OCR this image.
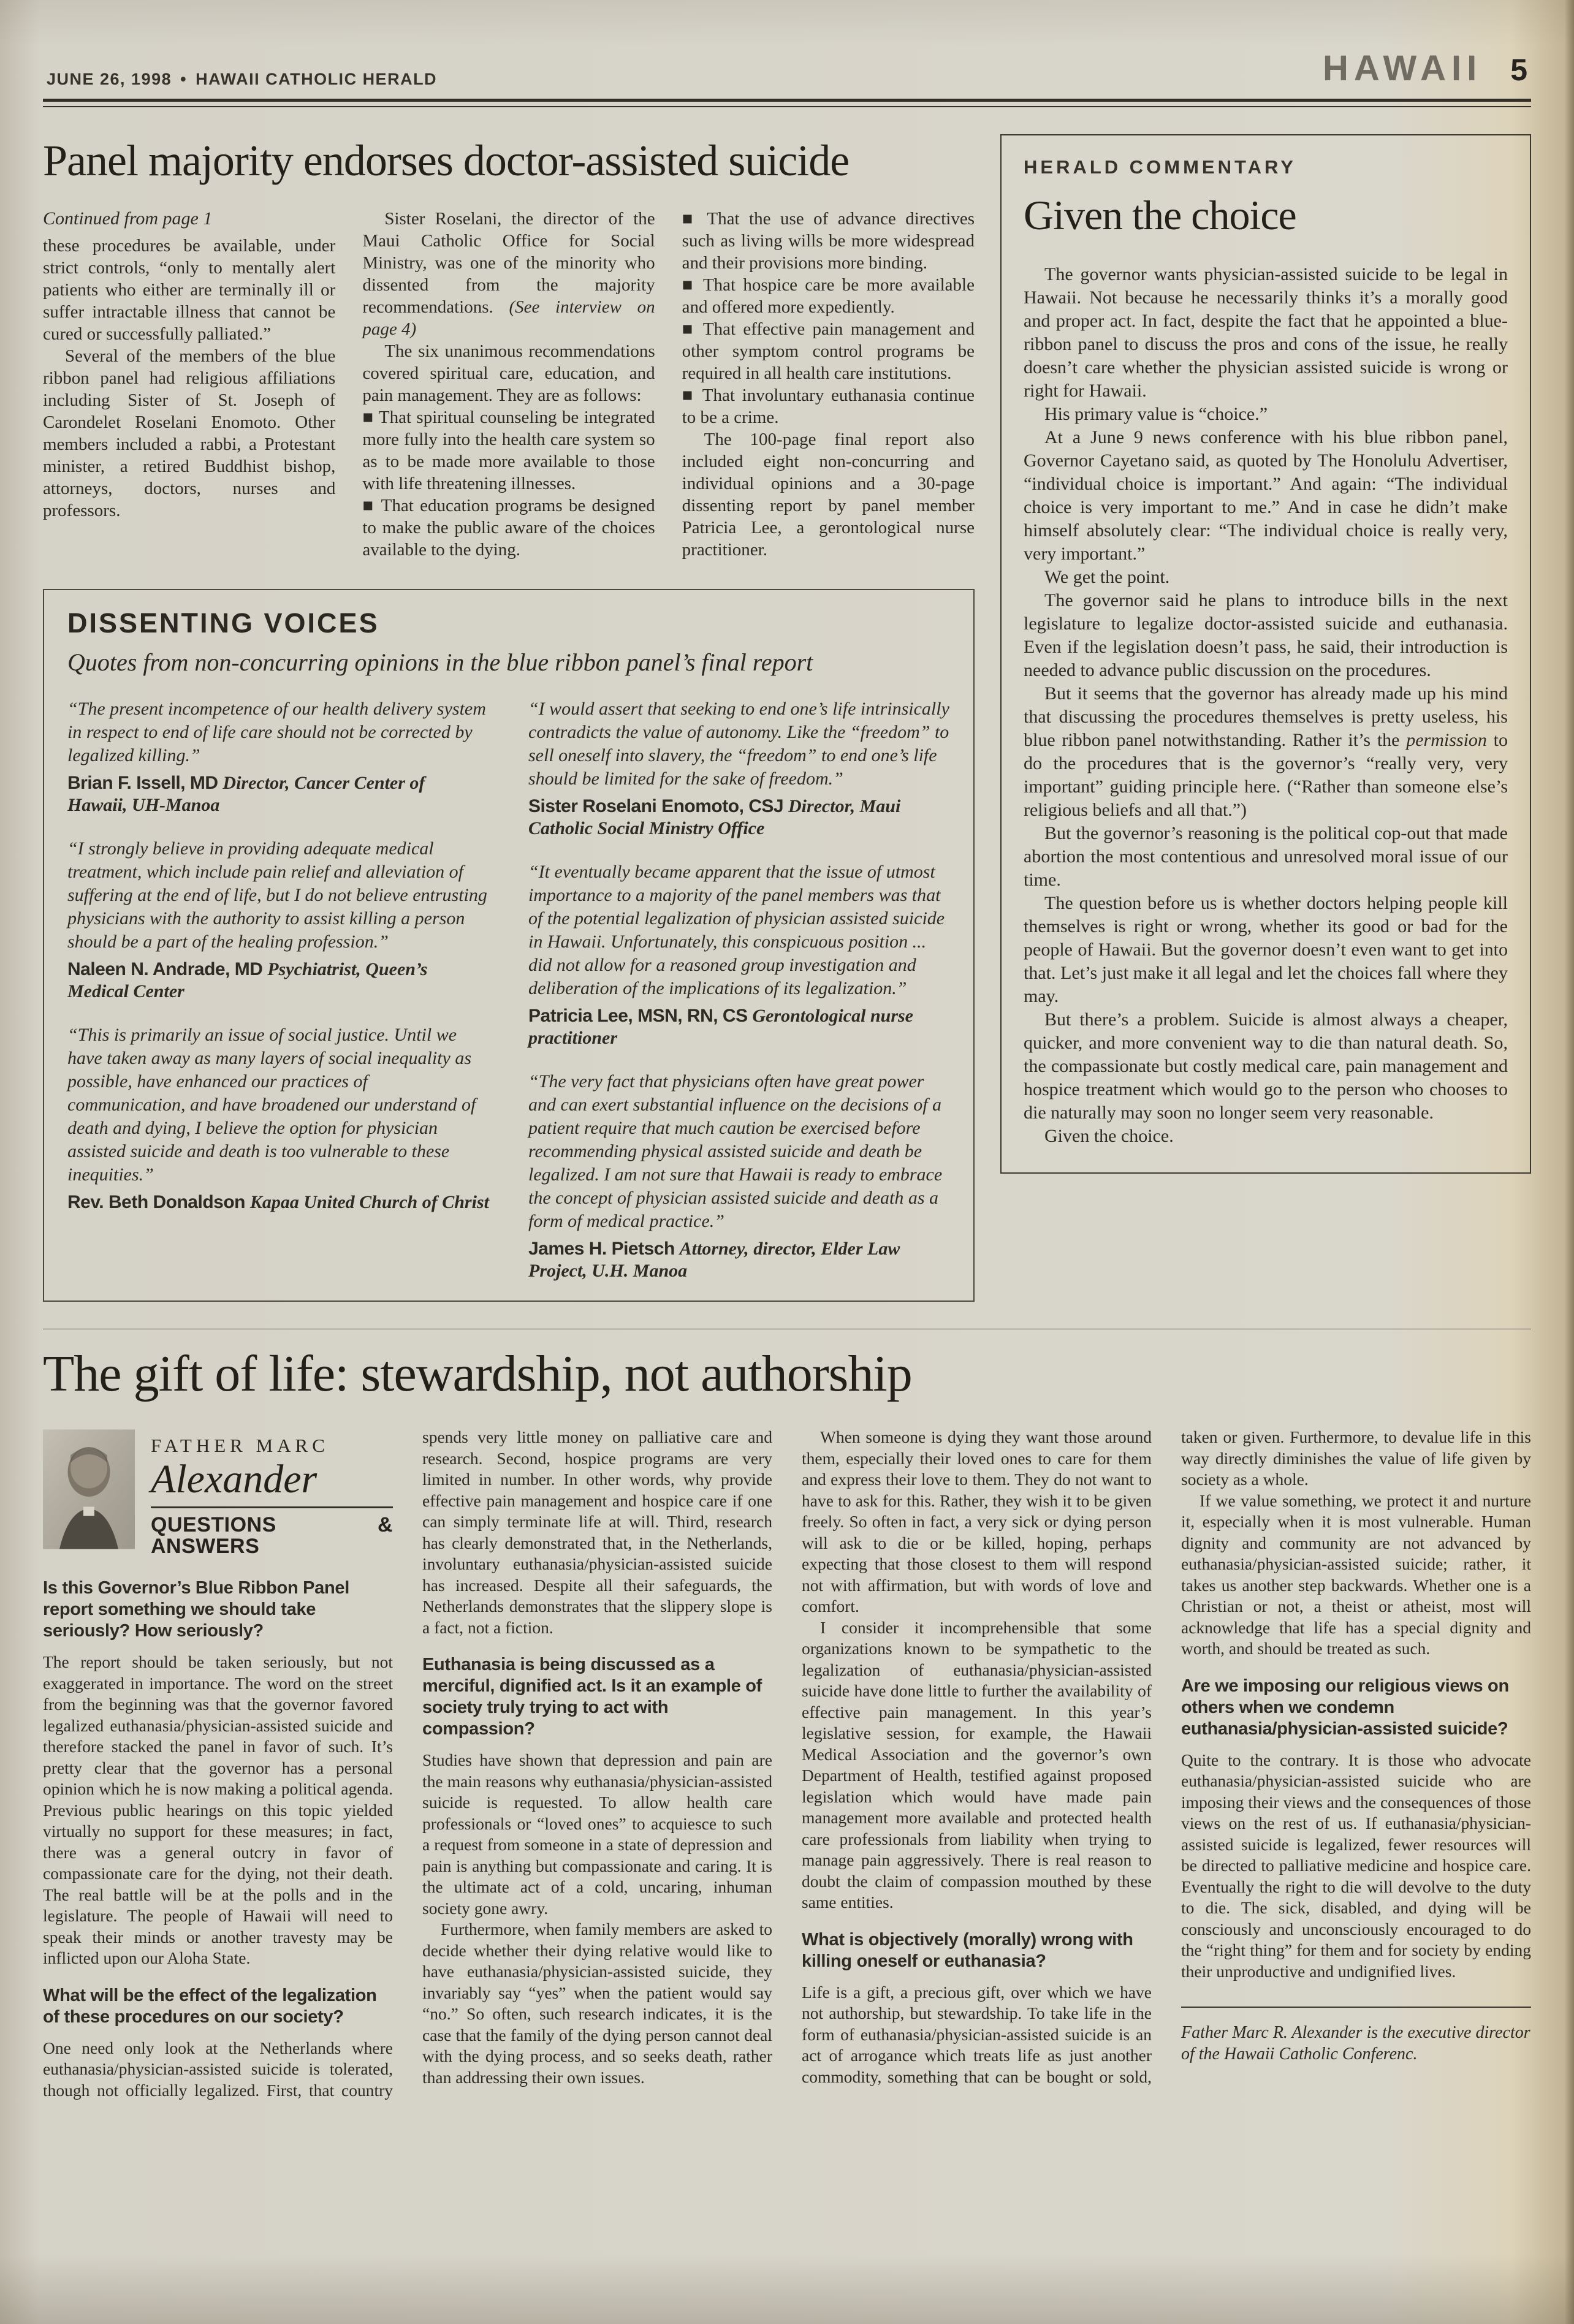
JUNE 26, 1998 • HAWAII CATHOLIC HERALD	HAWAII 5
Panel majority endorses doctor-assisted suicide

Continued from page 1

these procedures be available, under strict controls, “only to mentally alert patients who either are terminally ill or suffer intractable illness that cannot be cured or successfully palliated.”

Several of the members of the blue ribbon panel had religious affiliations including Sister of St. Joseph of Carondelet Roselani Enomoto. Other members included a rabbi, a Protestant minister, a retired Buddhist bishop, attorneys, doctors, nurses and professors.

Sister Roselani, the director of the Maui Catholic Office for Social Ministry, was one of the minority who dissented from the majority recommendations. (See interview on page 4)

The six unanimous recommendations covered spiritual care, education, and pain management. They are as follows:

■ That spiritual counseling be integrated more fully into the health care system so as to be made more available to those with life threatening illnesses.

■ That education programs be designed to make the public aware of the choices available to the dying.

■ That the use of advance directives such as living wills be more widespread and their provisions more binding.

■ That hospice care be more available and offered more expediently.

■ That effective pain management and other symptom control programs be required in all health care institutions.

■ That involuntary euthanasia continue to be a crime.

The 100-page final report also included eight non-concurring and individual opinions and a 30-page dissenting report by panel member Patricia Lee, a gerontological nurse practitioner.

DISSENTING VOICES

Quotes from non-concurring opinions in the blue ribbon panel’s final report

“The present incompetence of our health delivery system in respect to end of life care should not be corrected by legalized killing.”

Brian F. Issell, MD Director, Cancer Center of Hawaii, UH-Manoa

“I strongly believe in providing adequate medical treatment, which include pain relief and alleviation of suffering at the end of life, but I do not believe entrusting physicians with the authority to assist killing a person should be a part of the healing profession.”

Naleen N. Andrade, MD Psychiatrist, Queen’s Medical Center

“This is primarily an issue of social justice. Until we have taken away as many layers of social inequality as possible, have enhanced our practices of communication, and have broadened our understand of death and dying, I believe the option for physician assisted suicide and death is too vulnerable to these inequities.”

Rev. Beth Donaldson Kapaa United Church of Christ

“I would assert that seeking to end one’s life intrinsically contradicts the value of autonomy. Like the “freedom” to sell oneself into slavery, the “freedom” to end one’s life should be limited for the sake of freedom.”

Sister Roselani Enomoto, CSJ Director, Maui Catholic Social Ministry Office

“It eventually became apparent that the issue of utmost importance to a majority of the panel members was that of the potential legalization of physician assisted suicide in Hawaii. Unfortunately, this conspicuous position ... did not allow for a reasoned group investigation and deliberation of the implications of its legalization.”

Patricia Lee, MSN, RN, CS Gerontological nurse practitioner

“The very fact that physicians often have great power and can exert substantial influence on the decisions of a patient require that much caution be exercised before recommending physical assisted suicide and death be legalized. I am not sure that Hawaii is ready to embrace the concept of physician assisted suicide and death as a form of medical practice.”

James H. Pietsch Attorney, director, Elder Law Project, U.H. Manoa

HERALD COMMENTARY
Given the choice

The governor wants physician-assisted suicide to be legal in Hawaii. Not because he necessarily thinks it’s a morally good and proper act. In fact, despite the fact that he appointed a blue-ribbon panel to discuss the pros and cons of the issue, he really doesn’t care whether the physician assisted suicide is wrong or right for Hawaii.

His primary value is “choice.”

At a June 9 news conference with his blue ribbon panel, Governor Cayetano said, as quoted by The Honolulu Advertiser, “individual choice is important.” And again: “The individual choice is very important to me.” And in case he didn’t make himself absolutely clear: “The individual choice is really very, very important.”

We get the point.

The governor said he plans to introduce bills in the next legislature to legalize doctor-assisted suicide and euthanasia. Even if the legislation doesn’t pass, he said, their introduction is needed to advance public discussion on the procedures.

But it seems that the governor has already made up his mind that discussing the procedures themselves is pretty useless, his blue ribbon panel notwithstanding. Rather it’s the permission to do the procedures that is the governor’s “really very, very important” guiding principle here. (“Rather than someone else’s religious beliefs and all that.”)

But the governor’s reasoning is the political cop-out that made abortion the most contentious and unresolved moral issue of our time.

The question before us is whether doctors helping people kill themselves is right or wrong, whether its good or bad for the people of Hawaii. But the governor doesn’t even want to get into that. Let’s just make it all legal and let the choices fall where they may.

But there’s a problem. Suicide is almost always a cheaper, quicker, and more convenient way to die than natural death. So, the compassionate but costly medical care, pain management and hospice treatment which would go to the person who chooses to die naturally may soon no longer seem very reasonable.

Given the choice.

The gift of life: stewardship, not authorship
FATHER MARC
Alexander
QUESTIONS & ANSWERS

Is this Governor’s Blue Ribbon Panel report something we should take seriously? How seriously?

The report should be taken seriously, but not exaggerated in importance. The word on the street from the beginning was that the governor favored legalized euthanasia/physician-assisted suicide and therefore stacked the panel in favor of such. It’s pretty clear that the governor has a personal opinion which he is now making a political agenda. Previous public hearings on this topic yielded virtually no support for these measures; in fact, there was a general outcry in favor of compassionate care for the dying, not their death. The real battle will be at the polls and in the legislature. The people of Hawaii will need to speak their minds or another travesty may be inflicted upon our Aloha State.

What will be the effect of the legalization of these procedures on our society?

One need only look at the Netherlands where euthanasia/physician-assisted suicide is tolerated, though not officially legalized. First, that country spends very little money on palliative care and research. Second, hospice programs are very limited in number. In other words, why provide effective pain management and hospice care if one can simply terminate life at will. Third, research has clearly demonstrated that, in the Netherlands, involuntary euthanasia/physician-assisted suicide has increased. Despite all their safeguards, the Netherlands demonstrates that the slippery slope is a fact, not a fiction.

Euthanasia is being discussed as a merciful, dignified act. Is it an example of society truly trying to act with compassion?

Studies have shown that depression and pain are the main reasons why euthanasia/physician-assisted suicide is requested. To allow health care professionals or “loved ones” to acquiesce to such a request from someone in a state of depression and pain is anything but compassionate and caring. It is the ultimate act of a cold, uncaring, inhuman society gone awry.

Furthermore, when family members are asked to decide whether their dying relative would like to have euthanasia/physician-assisted suicide, they invariably say “yes” when the patient would say “no.” So often, such research indicates, it is the case that the family of the dying person cannot deal with the dying process, and so seeks death, rather than addressing their own issues.

When someone is dying they want those around them, especially their loved ones to care for them and express their love to them. They do not want to have to ask for this. Rather, they wish it to be given freely. So often in fact, a very sick or dying person will ask to die or be killed, hoping, perhaps expecting that those closest to them will respond not with affirmation, but with words of love and comfort.

I consider it incomprehensible that some organizations known to be sympathetic to the legalization of euthanasia/physician-assisted suicide have done little to further the availability of effective pain management. In this year’s legislative session, for example, the Hawaii Medical Association and the governor’s own Department of Health, testified against proposed legislation which would have made pain management more available and protected health care professionals from liability when trying to manage pain aggressively. There is real reason to doubt the claim of compassion mouthed by these same entities.

What is objectively (morally) wrong with killing oneself or euthanasia?

Life is a gift, a precious gift, over which we have not authorship, but stewardship. To take life in the form of euthanasia/physician-assisted suicide is an act of arrogance which treats life as just another commodity, something that can be bought or sold, taken or given. Furthermore, to devalue life in this way directly diminishes the value of life given by society as a whole.

If we value something, we protect it and nurture it, especially when it is most vulnerable. Human dignity and community are not advanced by euthanasia/physician-assisted suicide; rather, it takes us another step backwards. Whether one is a Christian or not, a theist or atheist, most will acknowledge that life has a special dignity and worth, and should be treated as such.

Are we imposing our religious views on others when we condemn euthanasia/physician-assisted suicide?

Quite to the contrary. It is those who advocate euthanasia/physician-assisted suicide who are imposing their views and the consequences of those views on the rest of us. If euthanasia/physician-assisted suicide is legalized, fewer resources will be directed to palliative medicine and hospice care. Eventually the right to die will devolve to the duty to die. The sick, disabled, and dying will be consciously and unconsciously encouraged to do the “right thing” for them and for society by ending their unproductive and undignified lives.

Father Marc R. Alexander is the executive director of the Hawaii Catholic Conferenc.
